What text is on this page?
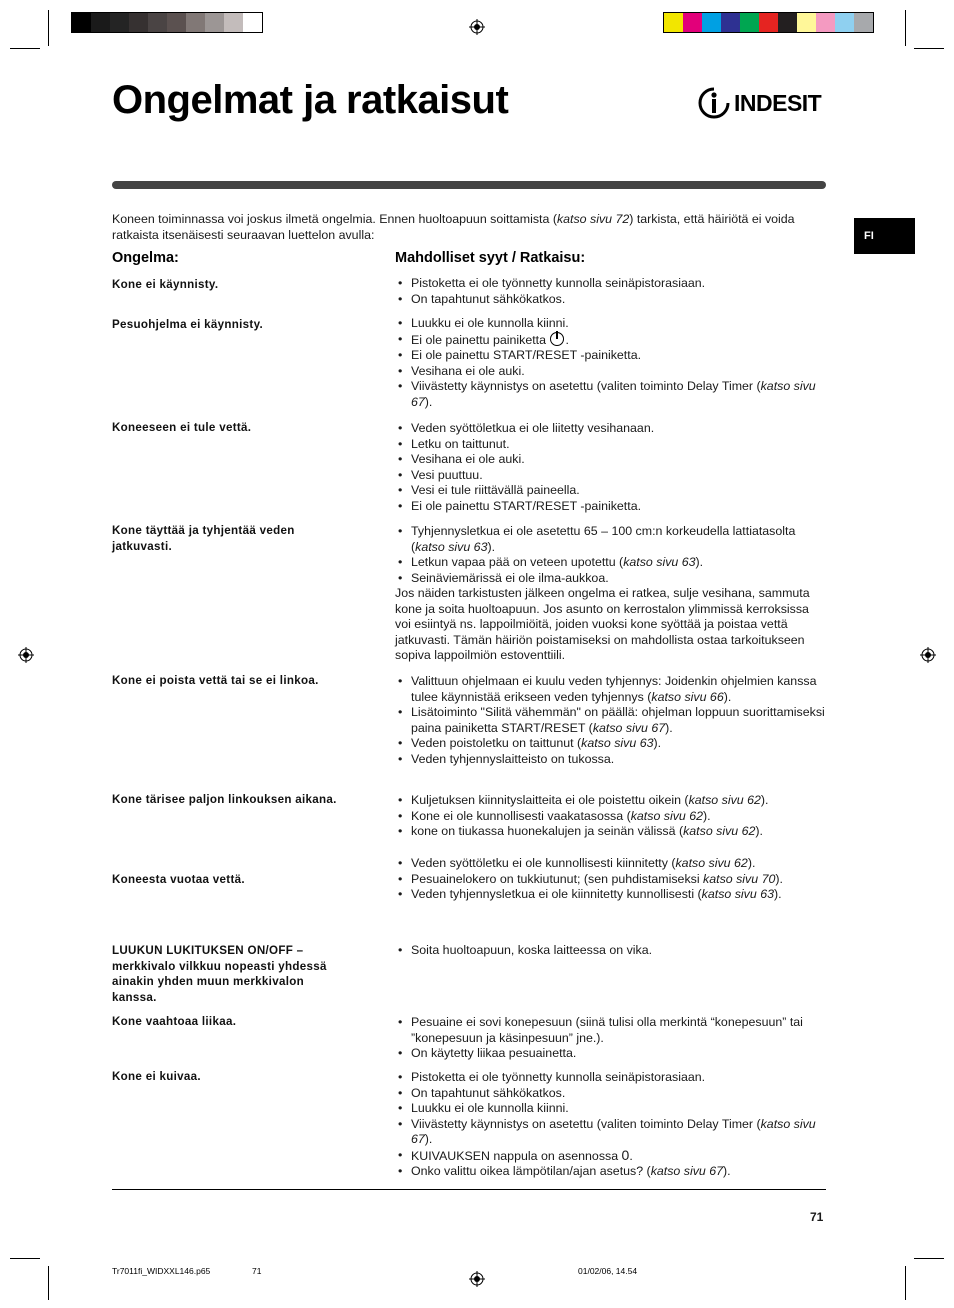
Ongelmat ja ratkaisut	INDESIT
FI

Koneen toiminnassa voi joskus ilmetä ongelmia. Ennen huoltoapuun soittamista (katso sivu 72) tarkista, että häiriötä ei voida ratkaista itsenäisesti seuraavan luettelon avulla:

Ongelma:	Mahdolliset syyt / Ratkaisu:

Kone ei käynnisty.	• Pistoketta ei ole työnnetty kunnolla seinäpistorasiaan.
• On tapahtunut sähkökatkos.

Pesuohjelma ei käynnisty.	• Luukku ei ole kunnolla kiinni.
• Ei ole painettu painiketta .
• Ei ole painettu START/RESET -painiketta.
• Vesihana ei ole auki.
• Viivästetty käynnistys on asetettu (valiten toiminto Delay Timer (katso sivu 67).

Koneeseen ei tule vettä.	• Veden syöttöletkua ei ole liitetty vesihanaan.
• Letku on taittunut.
• Vesihana ei ole auki.
• Vesi puuttuu.
• Vesi ei tule riittävällä paineella.
• Ei ole painettu START/RESET -painiketta.

Kone täyttää ja tyhjentää veden jatkuvasti.

• Tyhjennysletkua ei ole asetettu 65 – 100 cm:n korkeudella lattiatasolta (katso sivu 63).
• Letkun vapaa pää on veteen upotettu (katso sivu 63).
• Seinäviemärissä ei ole ilma-aukkoa.
Jos näiden tarkistusten jälkeen ongelma ei ratkea, sulje vesihana, sammuta kone ja soita huoltoapuun. Jos asunto on kerrostalon ylimmissä kerroksissa voi esiintyä ns. lappoilmiöitä, joiden vuoksi kone syöttää ja poistaa vettä jatkuvasti. Tämän häiriön poistamiseksi on mahdollista ostaa tarkoitukseen sopiva lappoilmiön estoventtiili.

Kone ei poista vettä tai se ei linkoa.	• Valittuun ohjelmaan ei kuulu veden tyhjennys: Joidenkin ohjelmien kanssa tulee käynnistää erikseen veden tyhjennys (katso sivu 66).
• Lisätoiminto "Silitä vähemmän" on päällä: ohjelman loppuun suorittamiseksi paina painiketta START/RESET (katso sivu 67).
• Veden poistoletku on taittunut (katso sivu 63).
• Veden tyhjennyslaitteisto on tukossa.

Kone tärisee paljon linkouksen aikana.	• Kuljetuksen kiinnityslaitteita ei ole poistettu oikein (katso sivu 62).
• Kone ei ole kunnollisesti vaakatasossa (katso sivu 62).
• kone on tiukassa huonekalujen ja seinän välissä (katso sivu 62).

Koneesta vuotaa vettä.

• Veden syöttöletku ei ole kunnollisesti kiinnitetty (katso sivu 62).
• Pesuainelokero on tukkiutunut; (sen puhdistamiseksi katso sivu 70).
• Veden tyhjennysletkua ei ole kiinnitetty kunnollisesti (katso sivu 63).

LUUKUN LUKITUKSEN ON/OFF – merkkivalo vilkkuu nopeasti yhdessä ainakin yhden muun merkkivalon kanssa.

• Soita huoltoapuun, koska laitteessa on vika.

Kone vaahtoaa liikaa.	• Pesuaine ei sovi konepesuun (siinä tulisi olla merkintä “konepesuun” tai ”konepesuun ja käsinpesuun” jne.).
• On käytetty liikaa pesuainetta.

Kone ei kuivaa.	• Pistoketta ei ole työnnetty kunnolla seinäpistorasiaan.
• On tapahtunut sähkökatkos.
• Luukku ei ole kunnolla kiinni.
• Viivästetty käynnistys on asetettu (valiten toiminto Delay Timer (katso sivu 67).
• KUIVAUKSEN nappula on asennossa 0.
• Onko valittu oikea lämpötilan/ajan asetus? (katso sivu 67).
71
Tr7011fi_WIDXXL146.p65	71	01/02/06, 14.54
